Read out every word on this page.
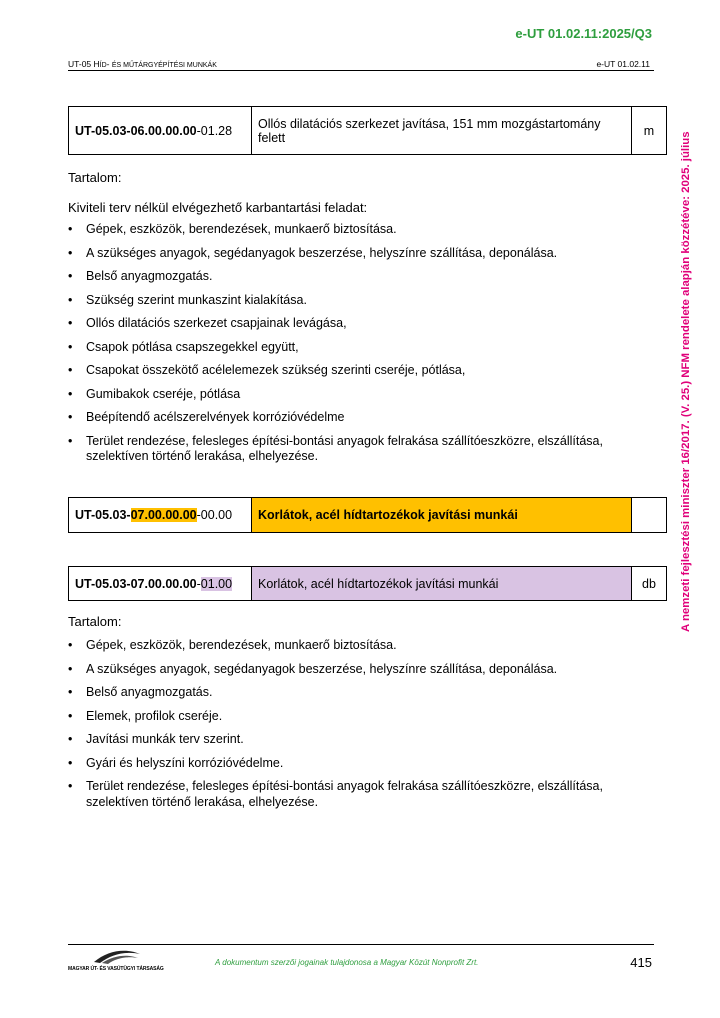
e-UT 01.02.11:2025/Q3
UT-05 HÍD- ÉS MŰTÁRGYÉPÍTÉSI MUNKÁK	e-UT 01.02.11
A nemzeti fejlesztési miniszter 16/2017. (V. 25.) NFM rendelete alapján közzétéve: 2025. július
UT-05.03-06.00.00.00-01.28	Ollós dilatációs szerkezet javítása, 151 mm mozgástartomány felett	m
Tartalom:
Kiviteli terv nélkül elvégezhető karbantartási feladat:
• Gépek, eszközök, berendezések, munkaerő biztosítása.
• A szükséges anyagok, segédanyagok beszerzése, helyszínre szállítása, deponálása.
• Belső anyagmozgatás.
• Szükség szerint munkaszint kialakítása.
• Ollós dilatációs szerkezet csapjainak levágása,
• Csapok pótlása csapszegekkel együtt,
• Csapokat összekötő acélelemezek szükség szerinti cseréje, pótlása,
• Gumibakok cseréje, pótlása
• Beépítendő acélszerelvények korrózióvédelme
• Terület rendezése, felesleges építési-bontási anyagok felrakása szállítóeszközre, elszállítása, szelektíven történő lerakása, elhelyezése.
UT-05.03-07.00.00.00-00.00	Korlátok, acél hídtartozékok javítási munkái	
UT-05.03-07.00.00.00-01.00	Korlátok, acél hídtartozékok javítási munkái	db
Tartalom:
• Gépek, eszközök, berendezések, munkaerő biztosítása.
• A szükséges anyagok, segédanyagok beszerzése, helyszínre szállítása, deponálása.
• Belső anyagmozgatás.
• Elemek, profilok cseréje.
• Javítási munkák terv szerint.
• Gyári és helyszíni korrózióvédelme.
• Terület rendezése, felesleges építési-bontási anyagok felrakása szállítóeszközre, elszállítása, szelektíven történő lerakása, elhelyezése.
MAGYAR ÚT- ÉS VASÚTÜGYI TÁRSASÁG
A dokumentum szerzői jogainak tulajdonosa a Magyar Közút Nonprofit Zrt.	415
